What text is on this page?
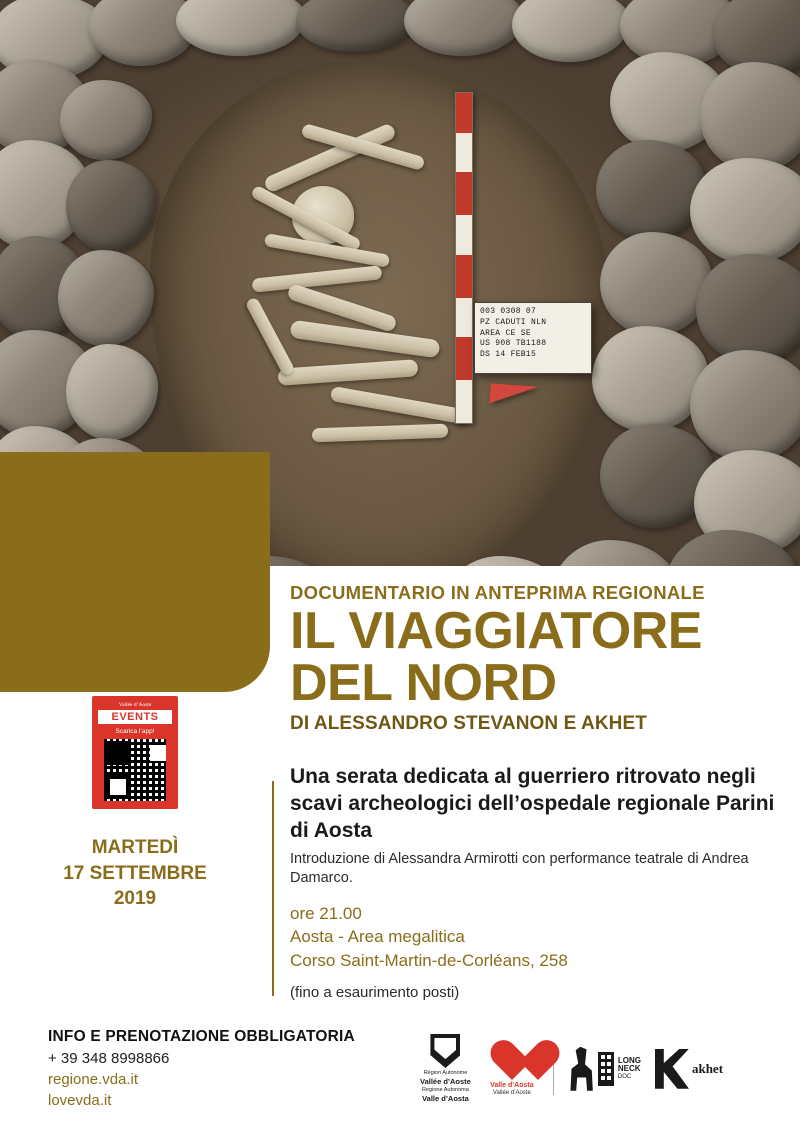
003 0308 07
PZ CADUTI NLN
AREA CE SE
US 908 TB1188
DS 14 FEB15
Vallée d’Aoste
EVENTS
Scarica l’app!
MARTEDÌ
17 SETTEMBRE
2019
DOCUMENTARIO IN ANTEPRIMA REGIONALE
IL VIAGGIATORE
DEL NORD
DI ALESSANDRO STEVANON E AKHET
Una serata dedicata al guerriero ritrovato negli scavi archeologici dell’ospedale regionale Parini di Aosta
Introduzione di Alessandra Armirotti con performance teatrale di Andrea Damarco.
ore 21.00
Aosta - Area megalitica
Corso Saint-Martin-de-Corléans, 258
(fino a esaurimento posti)
INFO E PRENOTAZIONE OBBLIGATORIA
+ 39 348 8998866
regione.vda.it
lovevda.it
Région Autonome
Vallée d’Aoste
Regione Autonoma
Valle d’Aosta
Valle d’Aosta
Vallée d’Aoste
LONG
NECK
DOC
akhet
